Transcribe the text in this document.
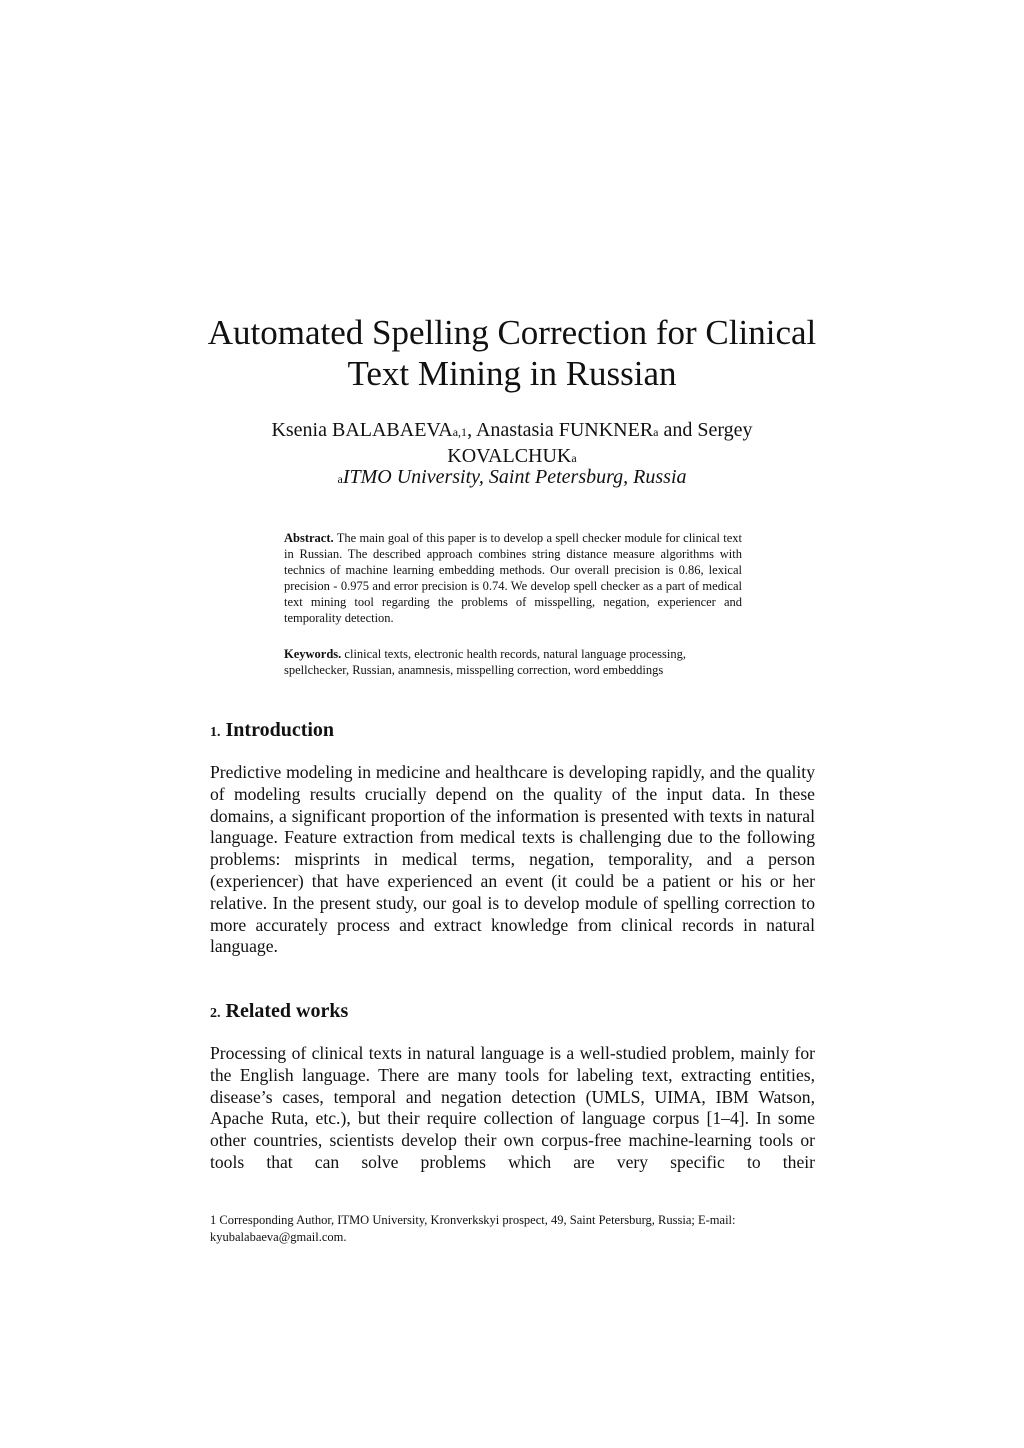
Automated Spelling Correction for Clinical
Text Mining in Russian
Ksenia BALABAEVAa,1, Anastasia FUNKNERa and Sergey
KOVALCHUKa
aITMO University, Saint Petersburg, Russia
Abstract. The main goal of this paper is to develop a spell checker module for clinical text in Russian. The described approach combines string distance measure algorithms with technics of machine learning embedding methods. Our overall precision is 0.86, lexical precision - 0.975 and error precision is 0.74. We develop spell checker as a part of medical text mining tool regarding the problems of misspelling, negation, experiencer and temporality detection.
Keywords. clinical texts, electronic health records, natural language processing, spellchecker, Russian, anamnesis, misspelling correction, word embeddings
1. Introduction
Predictive modeling in medicine and healthcare is developing rapidly, and the quality of modeling results crucially depend on the quality of the input data. In these domains, a significant proportion of the information is presented with texts in natural language. Feature extraction from medical texts is challenging due to the following problems: misprints in medical terms, negation, temporality, and a person (experiencer) that have experienced an event (it could be a patient or his or her relative. In the present study, our goal is to develop module of spelling correction to more accurately process and extract knowledge from clinical records in natural language.
2. Related works
Processing of clinical texts in natural language is a well-studied problem, mainly for the English language. There are many tools for labeling text, extracting entities, disease’s cases, temporal and negation detection (UMLS, UIMA, IBM Watson, Apache Ruta, etc.), but their require collection of language corpus [1–4]. In some other countries, scientists develop their own corpus-free machine-learning tools or tools that can solve problems which are very specific to their
1 Corresponding Author, ITMO University, Kronverkskyi prospect, 49, Saint Petersburg, Russia; E-mail: kyubalabaeva@gmail.com.
